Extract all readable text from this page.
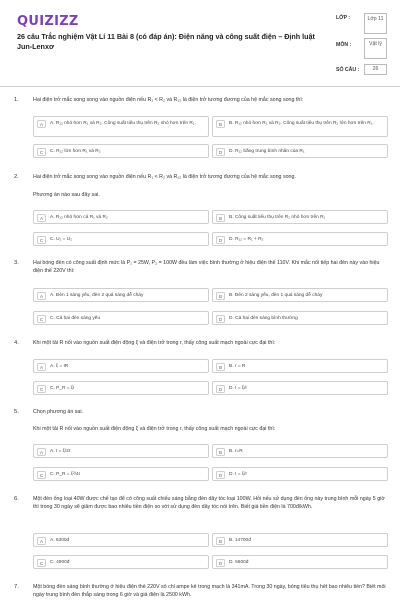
QUIZIZZ
26 câu Trắc nghiệm Vật Lí 11 Bài 8 (có đáp án): Điện năng và công suất điện – Định luật Jun-Lenxơ
LỚP :	Lớp 11
MÔN :	Vật lý
SỐ CÂU :	26
1.	Hai điện trở mắc song song vào nguồn điện nếu R₁ < R₂ và R₁₂ là điện trở tương đương của hệ mắc song song thì:
A	A. R₁₂ nhỏ hơn R₁ và R₂. Công suất tiêu thụ trên R₂ nhỏ hơn trên R₁.	B	B. R₁₂ nhỏ hơn R₁ và R₂. Công suất tiêu thụ trên R₂ lớn hơn trên R₁.
C	C. R₁₂ lớn hơn R₁ và R₂	D	D. R₁₂ bằng trung bình nhân của R₁
2.	Hai điện trở mắc song song vào nguồn điện nếu R₁ < R₂ và R₁₂ là điện trở tương đương của hệ mắc song song.
Phương án nào sau đây sai.
A	A. R₁₂ nhỏ hơn cả R₁ và R₂	B	B. Công suất tiêu thụ trên R₂ nhỏ hơn trên R₁
C	C. U₁ = U₂	D	D. R₁₂ = R₁ + R₂
3.	Hai bóng đèn có công suất định mức là P₁ = 25W, P₂ = 100W đều làm việc bình thường ở hiệu điện thế 110V. Khi mắc nối tiếp hai đèn này vào hiệu điện thế 220V thì:
A	A. Đèn 1 sáng yếu, đèn 2 quá sáng dễ cháy	B	B. Đèn 2 sáng yếu, đèn 1 quá sáng dễ cháy
C	C. Cả hai đèn sáng yếu	D	D. Cả hai đèn sáng bình thường
4.	Khi một tải R nối vào nguồn suất điện động ξ và điện trở trong r, thấy công suất mạch ngoài cực đại thì:
A	A. ξ = IR	B	B. r = R
C	C. P_R = ξI	D	D. I = ξ/r
5.	Chọn phương án sai.
Khi một tải R nối vào nguồn suất điện động ξ và điện trở trong r, thấy công suất mạch ngoài cực đại thì:
A	A. I = ξ/2r	B	B. r=R
C	C. P_R = ξ²/4r	D	D. I = ξ/r
6.	Một đèn ống loại 40W được chế tạo để có công suất chiếu sáng bằng đèn dây tóc loại 100W. Hỏi nếu sử dụng đèn ống này trung bình mỗi ngày 5 giờ thì trong 30 ngày sẽ giảm được bao nhiêu tiền điện so với sử dụng đèn dây tóc nói trên. Biết giá tiền điện là 700đ/kWh.
A	A. 6300đ	B	B. 14700đ
C	C. 4900đ	D	D. 5600đ
7.	Một bóng đèn sáng bình thường ở hiệu điện thế 220V số chỉ ampe kế trong mạch là 341mA. Trong 30 ngày, bóng tiêu thụ hết bao nhiêu tiền? Biết mỗi ngày trung bình đèn thắp sáng trong 6 giờ và giá điện là 2500 kWh.
